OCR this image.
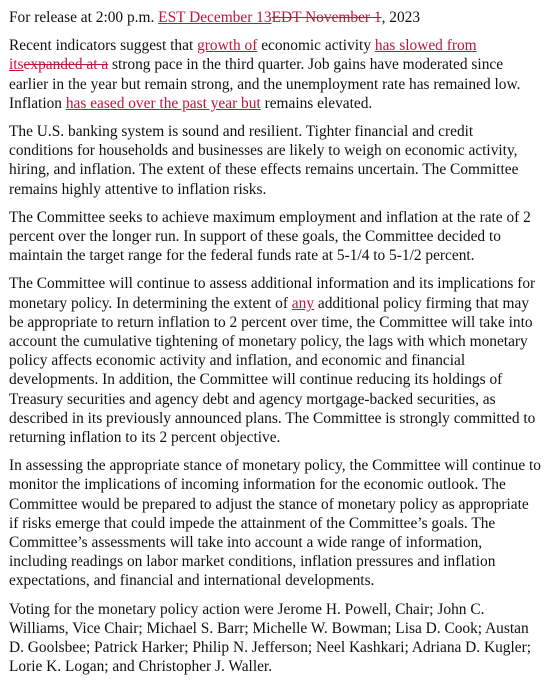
For release at 2:00 p.m. EST December 13EDT November 1, 2023

Recent indicators suggest that growth of economic activity has slowed from itsexpanded at a strong pace in the third quarter. Job gains have moderated since earlier in the year but remain strong, and the unemployment rate has remained low. Inflation has eased over the past year but remains elevated.

The U.S. banking system is sound and resilient. Tighter financial and credit conditions for households and businesses are likely to weigh on economic activity, hiring, and inflation. The extent of these effects remains uncertain. The Committee remains highly attentive to inflation risks.

The Committee seeks to achieve maximum employment and inflation at the rate of 2 percent over the longer run. In support of these goals, the Committee decided to maintain the target range for the federal funds rate at 5-1/4 to 5-1/2 percent.

The Committee will continue to assess additional information and its implications for monetary policy. In determining the extent of any additional policy firming that may be appropriate to return inflation to 2 percent over time, the Committee will take into account the cumulative tightening of monetary policy, the lags with which monetary policy affects economic activity and inflation, and economic and financial developments. In addition, the Committee will continue reducing its holdings of Treasury securities and agency debt and agency mortgage-backed securities, as described in its previously announced plans. The Committee is strongly committed to returning inflation to its 2 percent objective.

In assessing the appropriate stance of monetary policy, the Committee will continue to monitor the implications of incoming information for the economic outlook. The Committee would be prepared to adjust the stance of monetary policy as appropriate if risks emerge that could impede the attainment of the Committee’s goals. The Committee’s assessments will take into account a wide range of information, including readings on labor market conditions, inflation pressures and inflation expectations, and financial and international developments.

Voting for the monetary policy action were Jerome H. Powell, Chair; John C. Williams, Vice Chair; Michael S. Barr; Michelle W. Bowman; Lisa D. Cook; Austan D. Goolsbee; Patrick Harker; Philip N. Jefferson; Neel Kashkari; Adriana D. Kugler; Lorie K. Logan; and Christopher J. Waller.
